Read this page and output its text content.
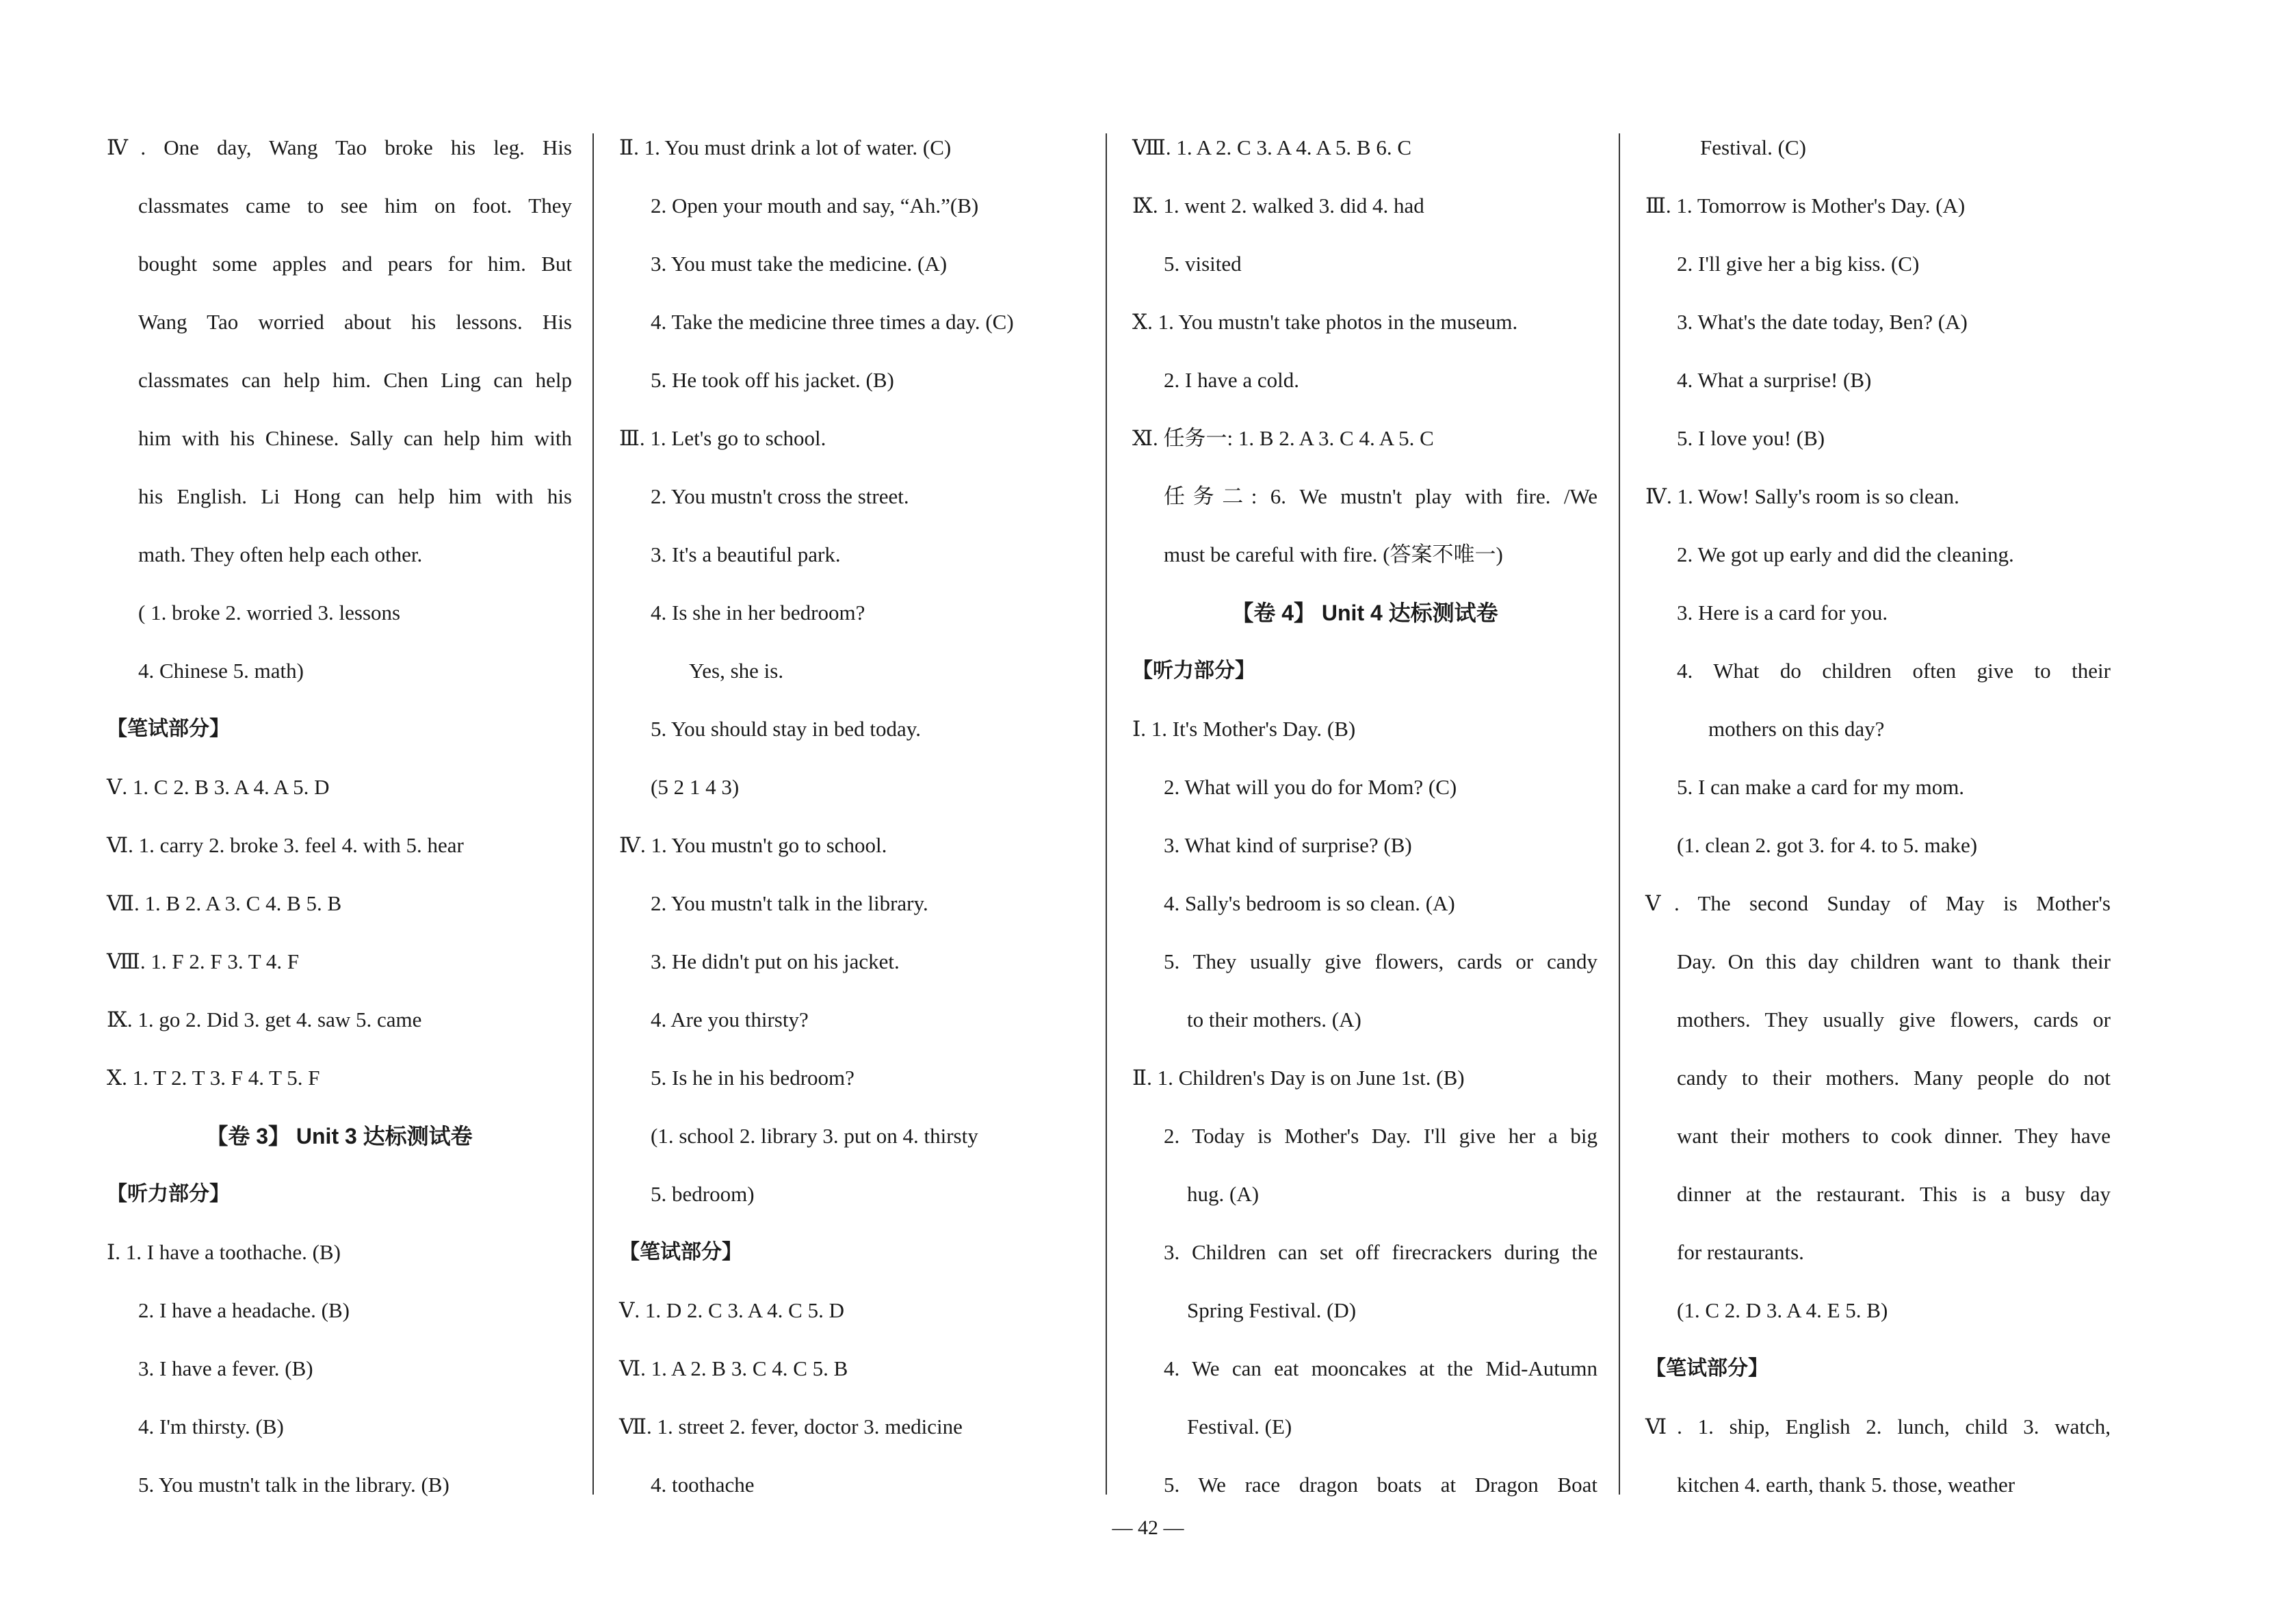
— 42 —
Ⅳ. One day, Wang Tao broke his leg. His
classmates came to see him on foot. They
bought some apples and pears for him. But
Wang Tao worried about his lessons. His
classmates can help him. Chen Ling can help
him with his Chinese. Sally can help him with
his English. Li Hong can help him with his
math. They often help each other.
( 1. broke 2. worried 3. lessons
4. Chinese 5. math)
【笔试部分】
Ⅴ. 1. C 2. B 3. A 4. A 5. D
Ⅵ. 1. carry 2. broke 3. feel 4. with 5. hear
Ⅶ. 1. B 2. A 3. C 4. B 5. B
Ⅷ. 1. F 2. F 3. T 4. F
Ⅸ. 1. go 2. Did 3. get 4. saw 5. came
Ⅹ. 1. T 2. T 3. F 4. T 5. F
【卷 3】 Unit 3 达标测试卷
【听力部分】
Ⅰ. 1. I have a toothache. (B)
2. I have a headache. (B)
3. I have a fever. (B)
4. I'm thirsty. (B)
5. You mustn't talk in the library. (B)
Ⅱ. 1. You must drink a lot of water. (C)
2. Open your mouth and say, “Ah.”(B)
3. You must take the medicine. (A)
4. Take the medicine three times a day. (C)
5. He took off his jacket. (B)
Ⅲ. 1. Let's go to school.
2. You mustn't cross the street.
3. It's a beautiful park.
4. Is she in her bedroom?
Yes, she is.
5. You should stay in bed today.
(5 2 1 4 3)
Ⅳ. 1. You mustn't go to school.
2. You mustn't talk in the library.
3. He didn't put on his jacket.
4. Are you thirsty?
5. Is he in his bedroom?
(1. school 2. library 3. put on 4. thirsty
5. bedroom)
【笔试部分】
Ⅴ. 1. D 2. C 3. A 4. C 5. D
Ⅵ. 1. A 2. B 3. C 4. C 5. B
Ⅶ. 1. street 2. fever, doctor 3. medicine
4. toothache
Ⅷ. 1. A 2. C 3. A 4. A 5. B 6. C
Ⅸ. 1. went 2. walked 3. did 4. had
5. visited
Ⅹ. 1. You mustn't take photos in the museum.
2. I have a cold.
Ⅺ. 任务一: 1. B 2. A 3. C 4. A 5. C
任务二: 6. We mustn't play with fire. /We
must be careful with fire. (答案不唯一)
【卷 4】 Unit 4 达标测试卷
【听力部分】
Ⅰ. 1. It's Mother's Day. (B)
2. What will you do for Mom? (C)
3. What kind of surprise? (B)
4. Sally's bedroom is so clean. (A)
5. They usually give flowers, cards or candy
to their mothers. (A)
Ⅱ. 1. Children's Day is on June 1st. (B)
2. Today is Mother's Day. I'll give her a big
hug. (A)
3. Children can set off firecrackers during the
Spring Festival. (D)
4. We can eat mooncakes at the Mid-Autumn
Festival. (E)
5. We race dragon boats at Dragon Boat
Festival. (C)
Ⅲ. 1. Tomorrow is Mother's Day. (A)
2. I'll give her a big kiss. (C)
3. What's the date today, Ben? (A)
4. What a surprise! (B)
5. I love you! (B)
Ⅳ. 1. Wow! Sally's room is so clean.
2. We got up early and did the cleaning.
3. Here is a card for you.
4. What do children often give to their
mothers on this day?
5. I can make a card for my mom.
(1. clean 2. got 3. for 4. to 5. make)
Ⅴ. The second Sunday of May is Mother's
Day. On this day children want to thank their
mothers. They usually give flowers, cards or
candy to their mothers. Many people do not
want their mothers to cook dinner. They have
dinner at the restaurant. This is a busy day
for restaurants.
(1. C 2. D 3. A 4. E 5. B)
【笔试部分】
Ⅵ. 1. ship, English 2. lunch, child 3. watch,
kitchen 4. earth, thank 5. those, weather
